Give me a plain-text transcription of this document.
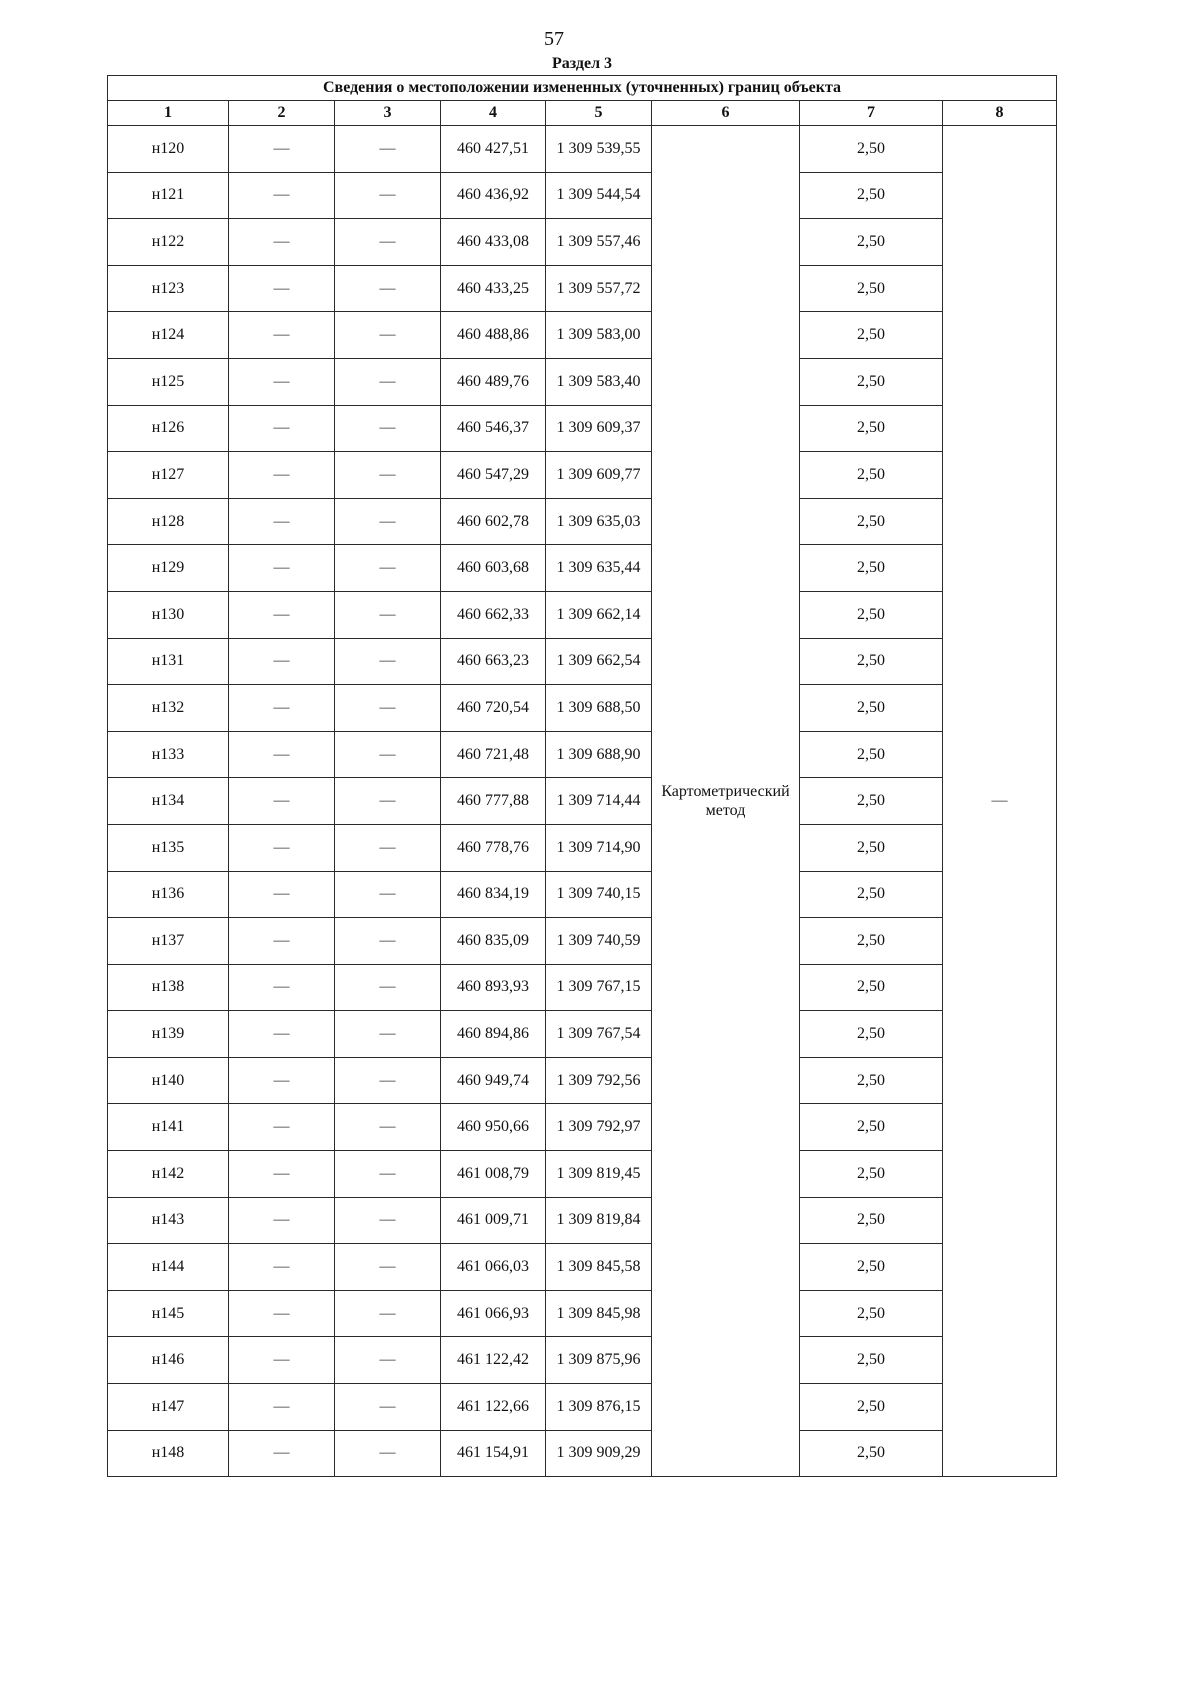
57
Раздел 3
Сведения о местоположении измененных (уточненных) границ объекта							
1	2	3	4	5	6	7	8
н120	—	—	460 427,51	1 309 539,55	Картометрический метод	2,50	—
н121	—	—	460 436,92	1 309 544,54		2,50	
н122	—	—	460 433,08	1 309 557,46		2,50	
н123	—	—	460 433,25	1 309 557,72		2,50	
н124	—	—	460 488,86	1 309 583,00		2,50	
н125	—	—	460 489,76	1 309 583,40		2,50	
н126	—	—	460 546,37	1 309 609,37		2,50	
н127	—	—	460 547,29	1 309 609,77		2,50	
н128	—	—	460 602,78	1 309 635,03		2,50	
н129	—	—	460 603,68	1 309 635,44		2,50	
н130	—	—	460 662,33	1 309 662,14		2,50	
н131	—	—	460 663,23	1 309 662,54		2,50	
н132	—	—	460 720,54	1 309 688,50		2,50	
н133	—	—	460 721,48	1 309 688,90		2,50	
н134	—	—	460 777,88	1 309 714,44		2,50	
н135	—	—	460 778,76	1 309 714,90		2,50	
н136	—	—	460 834,19	1 309 740,15		2,50	
н137	—	—	460 835,09	1 309 740,59		2,50	
н138	—	—	460 893,93	1 309 767,15		2,50	
н139	—	—	460 894,86	1 309 767,54		2,50	
н140	—	—	460 949,74	1 309 792,56		2,50	
н141	—	—	460 950,66	1 309 792,97		2,50	
н142	—	—	461 008,79	1 309 819,45		2,50	
н143	—	—	461 009,71	1 309 819,84		2,50	
н144	—	—	461 066,03	1 309 845,58		2,50	
н145	—	—	461 066,93	1 309 845,98		2,50	
н146	—	—	461 122,42	1 309 875,96		2,50	
н147	—	—	461 122,66	1 309 876,15		2,50	
н148	—	—	461 154,91	1 309 909,29		2,50	
